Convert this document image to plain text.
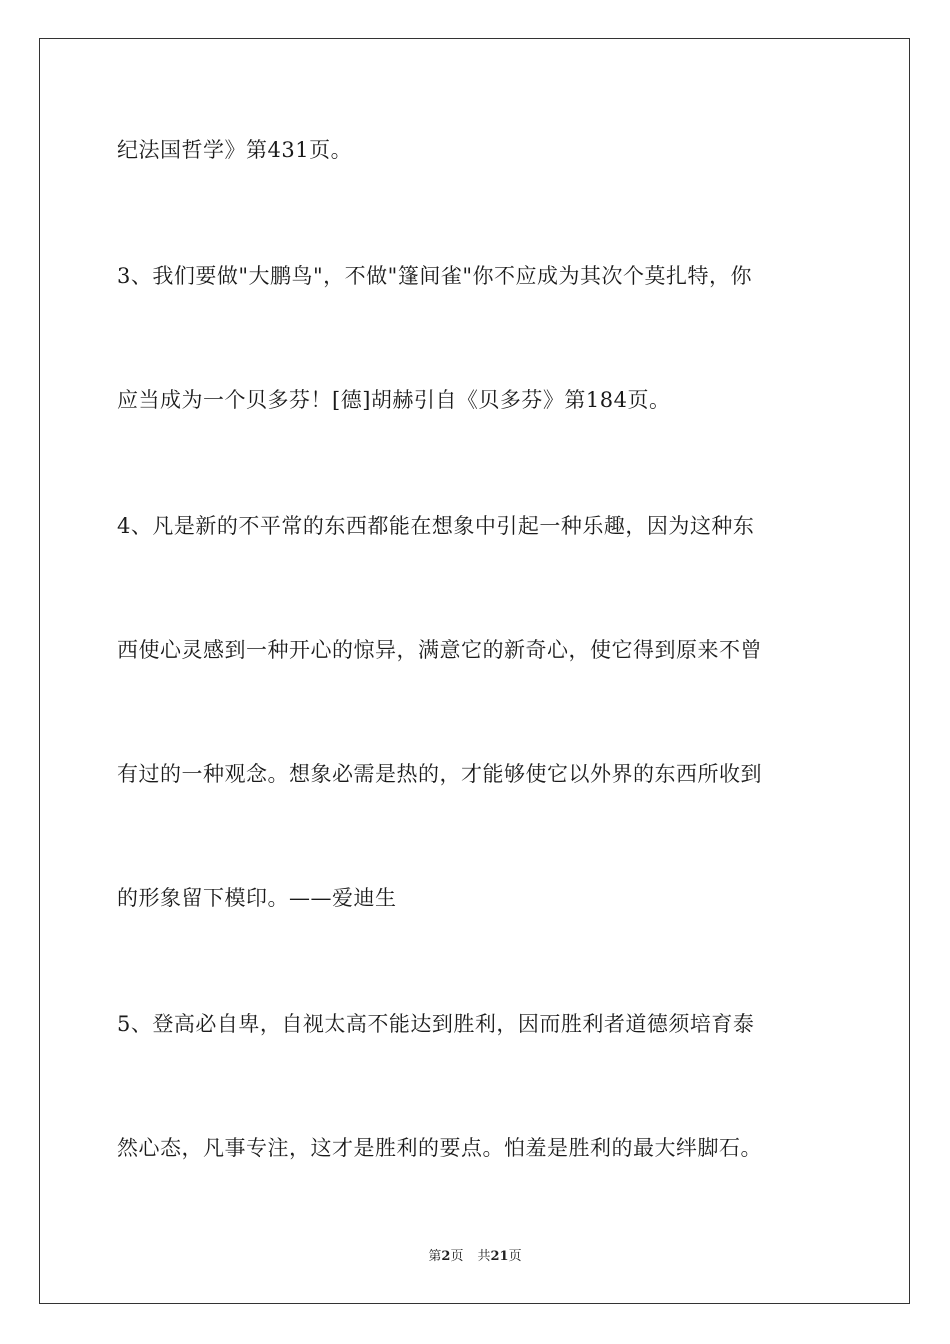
纪法国哲学》第431页。
3、我们要做"大鹏鸟"，不做"篷间雀"你不应成为其次个莫扎特，你
应当成为一个贝多芬！[德]胡赫引自《贝多芬》第184页。
4、凡是新的不平常的东西都能在想象中引起一种乐趣，因为这种东
西使心灵感到一种开心的惊异，满意它的新奇心，使它得到原来不曾
有过的一种观念。想象必需是热的，才能够使它以外界的东西所收到
的形象留下模印。——爱迪生
5、登高必自卑，自视太高不能达到胜利，因而胜利者道德须培育泰
然心态，凡事专注，这才是胜利的要点。怕羞是胜利的最大绊脚石。
第2页 共21页
